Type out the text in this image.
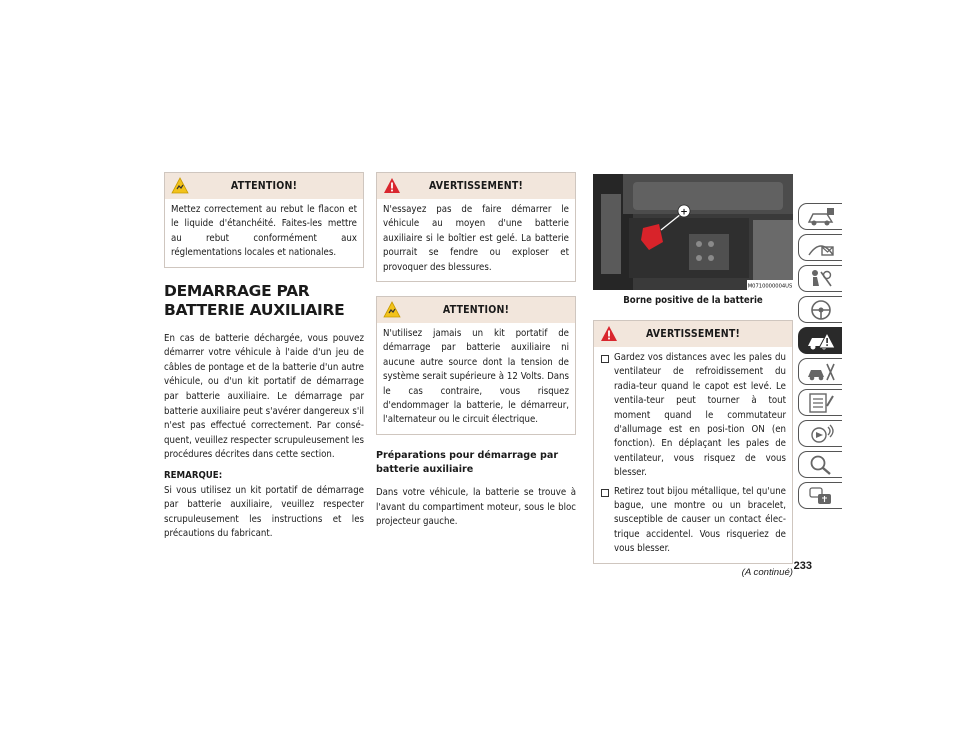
ATTENTION!
Mettez correctement au rebut le flacon et le liquide d'étanchéité. Faites-les mettre au rebut conformément aux réglementations locales et nationales.
DEMARRAGE PAR BATTERIE AUXILIAIRE

En cas de batterie déchargée, vous pouvez démarrer votre véhicule à l'aide d'un jeu de câbles de pontage et de la batterie d'un autre véhicule, ou d'un kit portatif de démarrage par batterie auxiliaire. Le démarrage par batterie auxiliaire peut s'avérer dangereux s'il n'est pas effectué correctement. Par consé-quent, veuillez respecter scrupuleusement les procédures décrites dans cette section.

REMARQUE:
Si vous utilisez un kit portatif de démarrage par batterie auxiliaire, veuillez respecter scrupuleusement les instructions et les précautions du fabricant.

AVERTISSEMENT!
N'essayez pas de faire démarrer le véhicule au moyen d'une batterie auxiliaire si le boîtier est gelé. La batterie pourrait se fendre ou exploser et provoquer des blessures.
ATTENTION!
N'utilisez jamais un kit portatif de démarrage par batterie auxiliaire ni aucune autre source dont la tension de système serait supérieure à 12 Volts. Dans le cas contraire, vous risquez d'endommager la batterie, le démarreur, l'alternateur ou le circuit électrique.
Préparations pour démarrage par batterie auxiliaire

Dans votre véhicule, la batterie se trouve à l'avant du compartiment moteur, sous le bloc projecteur gauche.

+
M0710000004US
Borne positive de la batterie
AVERTISSEMENT!
Gardez vos distances avec les pales du ventilateur de refroidissement du radia-teur quand le capot est levé. Le ventila-teur peut tourner à tout moment quand le commutateur d'allumage est en posi-tion ON (en fonction). En déplaçant les pales de ventilateur, vous risquez de vous blesser.
Retirez tout bijou métallique, tel qu'une bague, une montre ou un bracelet, susceptible de causer un contact élec-trique accidentel. Vous risqueriez de vous blesser.
(A continué)
233
